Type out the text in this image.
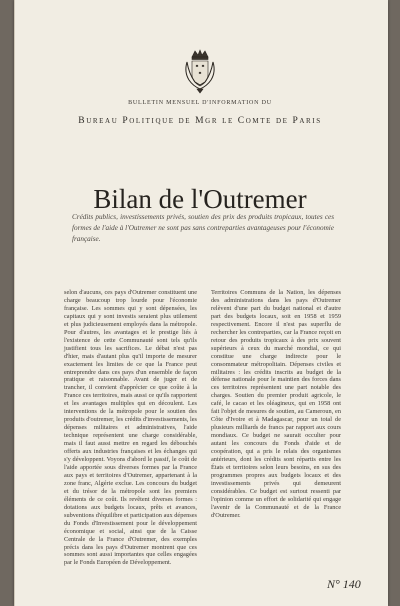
BULLETIN MENSUEL D'INFORMATION DU
Bureau Politique de Mgr le Comte de Paris
Bilan de l'Outremer
Crédits publics, investissements privés, soutien des prix des produits tropicaux, toutes ces formes de l'aide à l'Outremer ne sont pas sans contreparties avantageuses pour l'économie française.

selon d'aucuns, ces pays d'Outremer constituent une charge beaucoup trop lourde pour l'économie française. Les sommes qui y sont dépensées, les capitaux qui y sont investis seraient plus utilement et plus judicieusement employés dans la métropole. Pour d'autres, les avantages et le prestige liés à l'existence de cette Communauté sont tels qu'ils justifient tous les sacrifices. Le débat n'est pas d'hier, mais d'autant plus qu'il importe de mesurer exactement les limites de ce que la France peut entreprendre dans ces pays d'un ensemble de façon pratique et raisonnable. Avant de juger et de trancher, il convient d'apprécier ce que coûte à la France ces territoires, mais aussi ce qu'ils rapportent et les avantages multiples qui en découlent. Les interventions de la métropole pour le soutien des produits d'outremer, les crédits d'investissements, les dépenses militaires et administratives, l'aide technique représentent une charge considérable, mais il faut aussi mettre en regard les débouchés offerts aux industries françaises et les échanges qui s'y développent. Voyons d'abord le passif, le coût de l'aide apportée sous diverses formes par la France aux pays et territoires d'Outremer, appartenant à la zone franc, Algérie exclue. Les concours du budget et du trésor de la métropole sont les premiers éléments de ce coût. Ils revêtent diverses formes : dotations aux budgets locaux, prêts et avances, subventions d'équilibre et participation aux dépenses du Fonds d'Investissement pour le développement économique et social, ainsi que de la Caisse Centrale de la France d'Outremer, des exemples précis dans les pays d'Outremer montrent que ces sommes sont aussi importantes que celles engagées par le Fonds Européen de Développement.

Territoires Communs de la Nation, les dépenses des administrations dans les pays d'Outremer relèvent d'une part du budget national et d'autre part des budgets locaux, soit en 1958 et 1959 respectivement. Encore il n'est pas superflu de rechercher les contreparties, car la France reçoit en retour des produits tropicaux à des prix souvent supérieurs à ceux du marché mondial, ce qui constitue une charge indirecte pour le consommateur métropolitain. Dépenses civiles et militaires : les crédits inscrits au budget de la défense nationale pour le maintien des forces dans ces territoires représentent une part notable des charges. Soutien du premier produit agricole, le café, le cacao et les oléagineux, qui en 1958 ont fait l'objet de mesures de soutien, au Cameroun, en Côte d'Ivoire et à Madagascar, pour un total de plusieurs milliards de francs par rapport aux cours mondiaux. Ce budget ne saurait occulter pour autant les concours du Fonds d'aide et de coopération, qui a pris le relais des organismes antérieurs, dont les crédits sont répartis entre les États et territoires selon leurs besoins, en sus des programmes propres aux budgets locaux et des investissements privés qui demeurent considérables. Ce budget est surtout ressenti par l'opinion comme un effort de solidarité qui engage l'avenir de la Communauté et de la France d'Outremer.

N° 140
